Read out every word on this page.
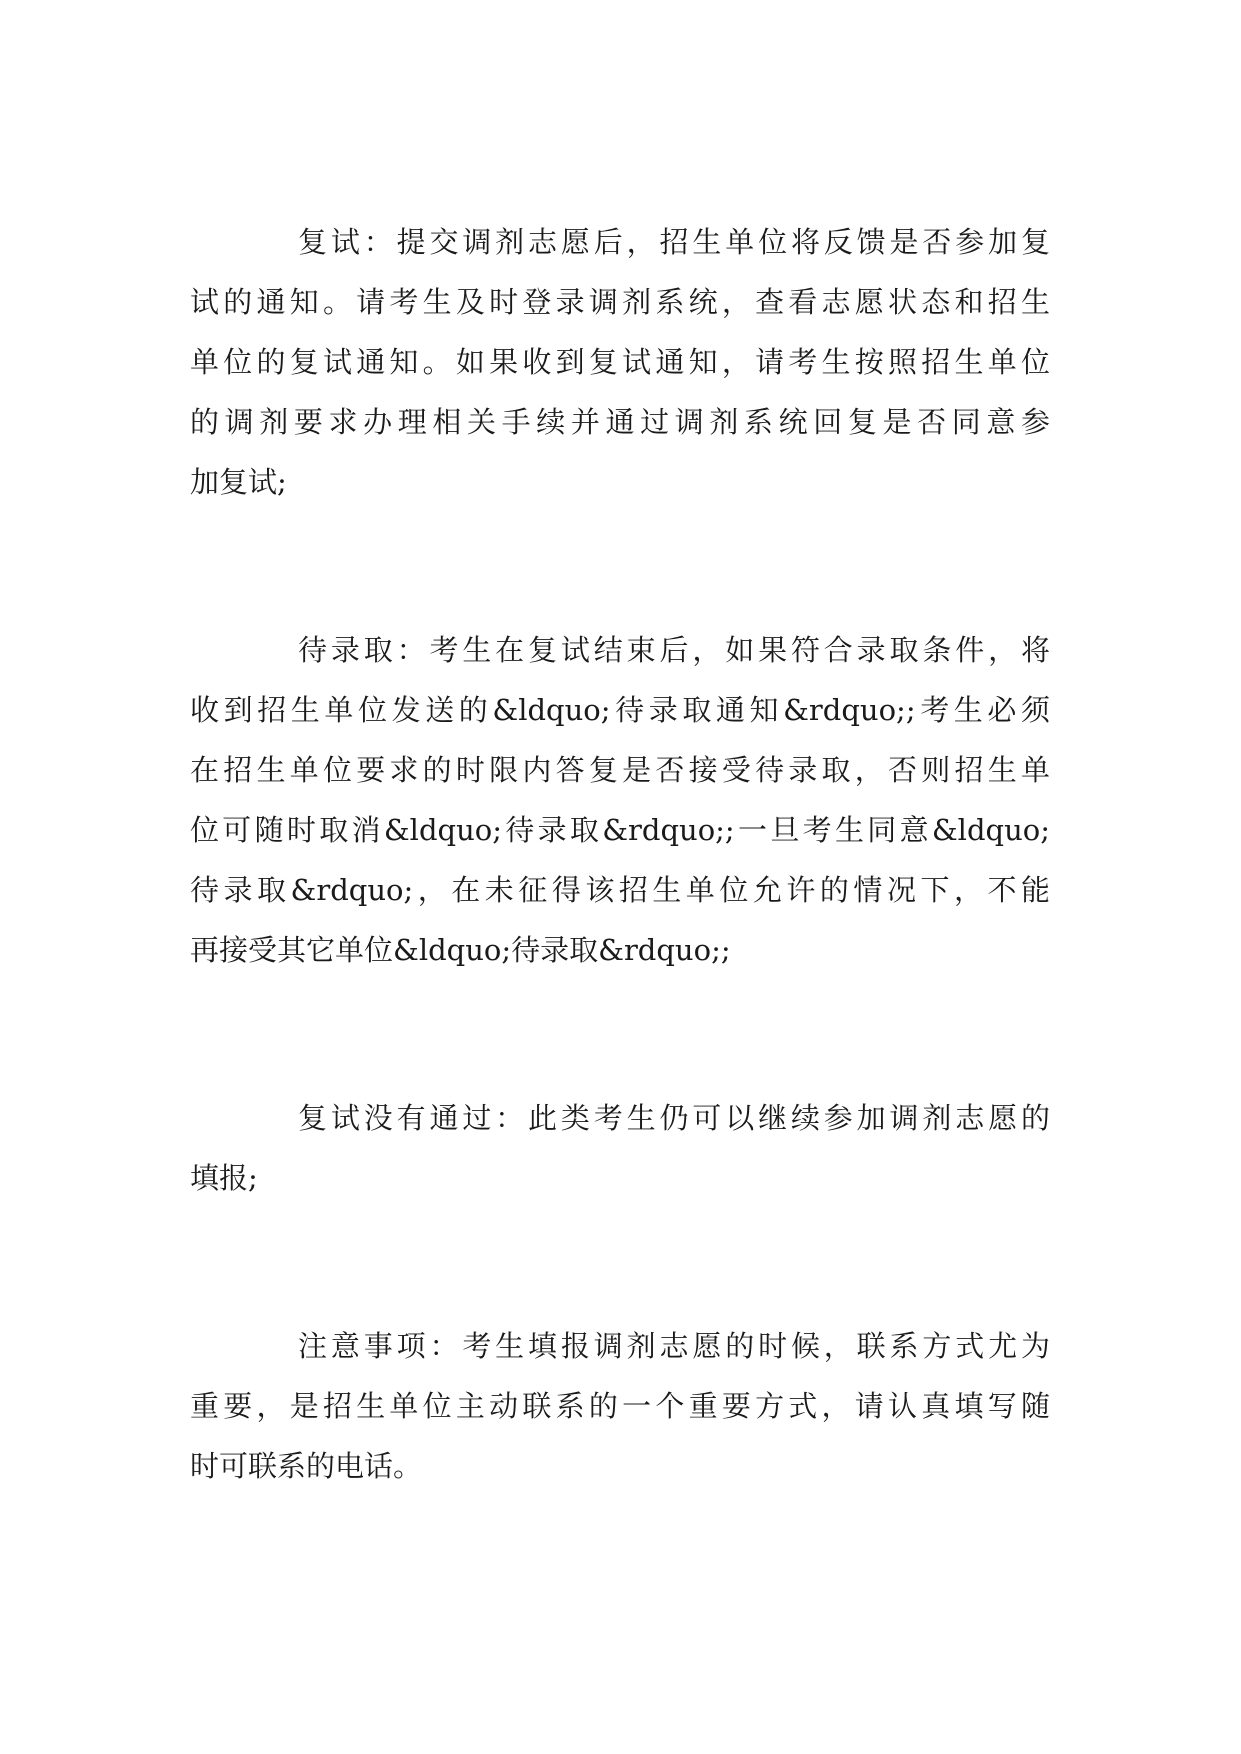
复试：提交调剂志愿后，招生单位将反馈是否参加复
试的通知。请考生及时登录调剂系统，查看志愿状态和招生
单位的复试通知。如果收到复试通知，请考生按照招生单位
的调剂要求办理相关手续并通过调剂系统回复是否同意参
加复试;
待录取：考生在复试结束后，如果符合录取条件，将
收到招生单位发送的&ldquo;待录取通知&rdquo;;考生必须
在招生单位要求的时限内答复是否接受待录取，否则招生单
位可随时取消&ldquo;待录取&rdquo;;一旦考生同意&ldquo;
待录取&rdquo;，在未征得该招生单位允许的情况下，不能
再接受其它单位&ldquo;待录取&rdquo;;
复试没有通过：此类考生仍可以继续参加调剂志愿的
填报;
注意事项：考生填报调剂志愿的时候，联系方式尤为
重要，是招生单位主动联系的一个重要方式，请认真填写随
时可联系的电话。
